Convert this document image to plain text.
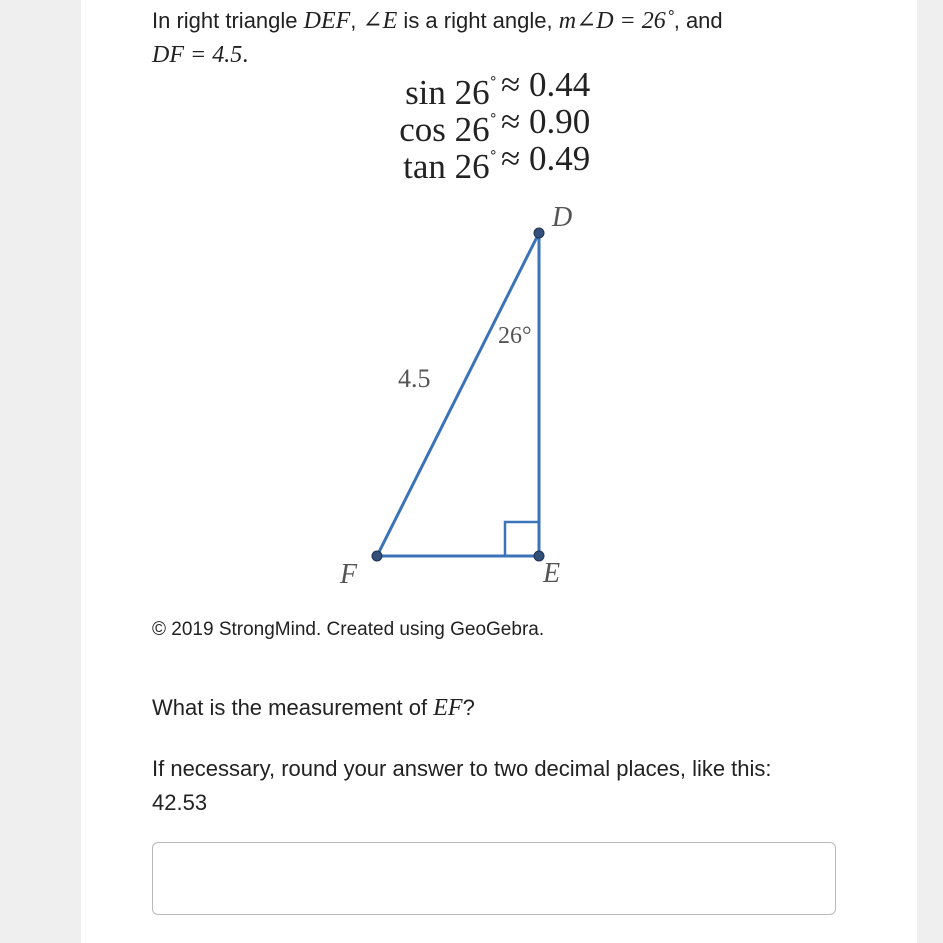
In right triangle DEF, ∠E is a right angle, m∠D = 26˚, and
DF = 4.5.
sin 26˚ ≈ 0.44
cos 26˚ ≈ 0.90
tan 26˚ ≈ 0.49
D
E
F
4.5
26°
© 2019 StrongMind. Created using GeoGebra.
What is the measurement of EF?
If necessary, round your answer to two decimal places, like this:
42.53
